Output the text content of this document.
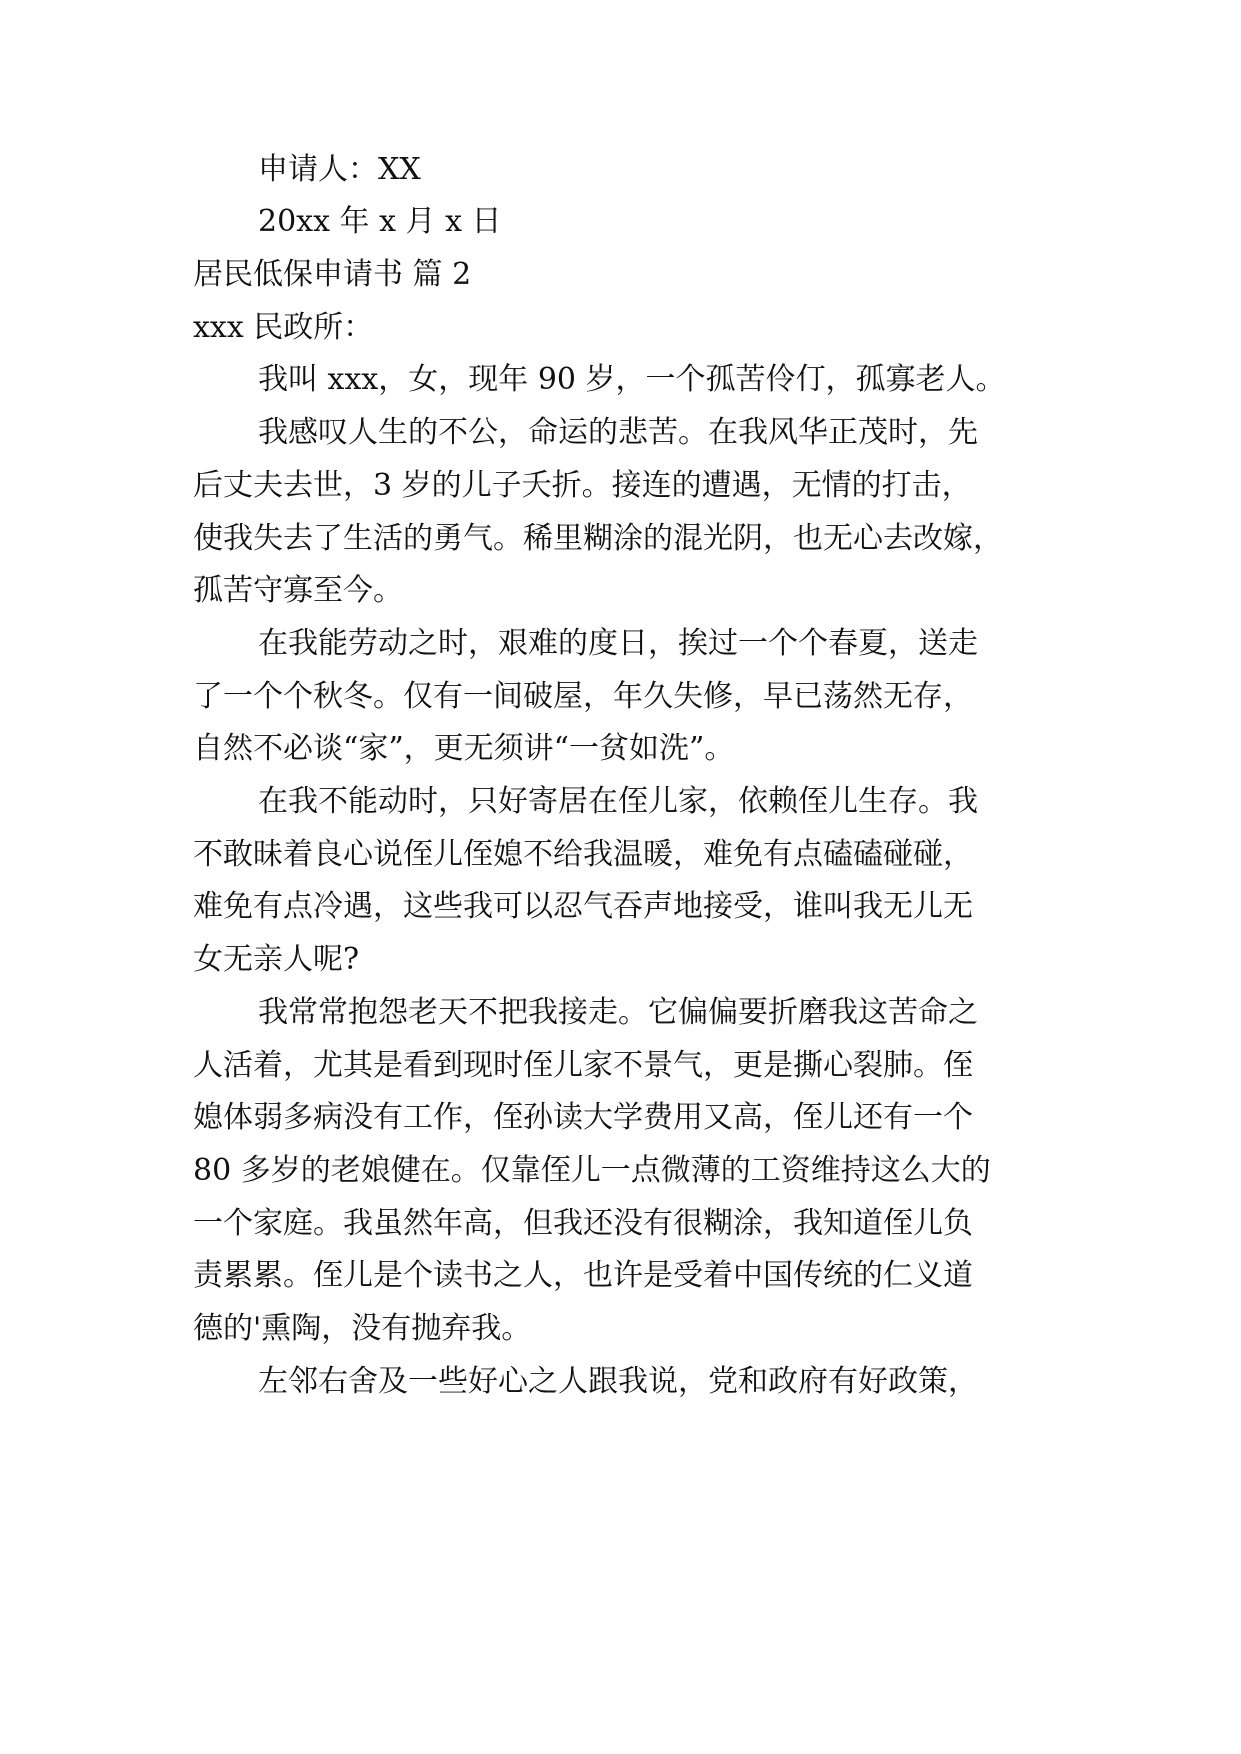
申请人：XX
20xx 年 x 月 x 日
居民低保申请书 篇 2
xxx 民政所：
我叫 xxx，女，现年 90 岁，一个孤苦伶仃，孤寡老人。
我感叹人生的不公，命运的悲苦。在我风华正茂时，先
后丈夫去世，3 岁的儿子夭折。接连的遭遇，无情的打击，
使我失去了生活的勇气。稀里糊涂的混光阴，也无心去改嫁，
孤苦守寡至今。
在我能劳动之时，艰难的度日，挨过一个个春夏，送走
了一个个秋冬。仅有一间破屋，年久失修，早已荡然无存，
自然不必谈“家”，更无须讲“一贫如洗”。
在我不能动时，只好寄居在侄儿家，依赖侄儿生存。我
不敢昧着良心说侄儿侄媳不给我温暖，难免有点磕磕碰碰，
难免有点冷遇，这些我可以忍气吞声地接受，谁叫我无儿无
女无亲人呢?
我常常抱怨老天不把我接走。它偏偏要折磨我这苦命之
人活着，尤其是看到现时侄儿家不景气，更是撕心裂肺。侄
媳体弱多病没有工作，侄孙读大学费用又高，侄儿还有一个
80 多岁的老娘健在。仅靠侄儿一点微薄的工资维持这么大的
一个家庭。我虽然年高，但我还没有很糊涂，我知道侄儿负
责累累。侄儿是个读书之人，也许是受着中国传统的仁义道
德的'熏陶，没有抛弃我。
左邻右舍及一些好心之人跟我说，党和政府有好政策，
